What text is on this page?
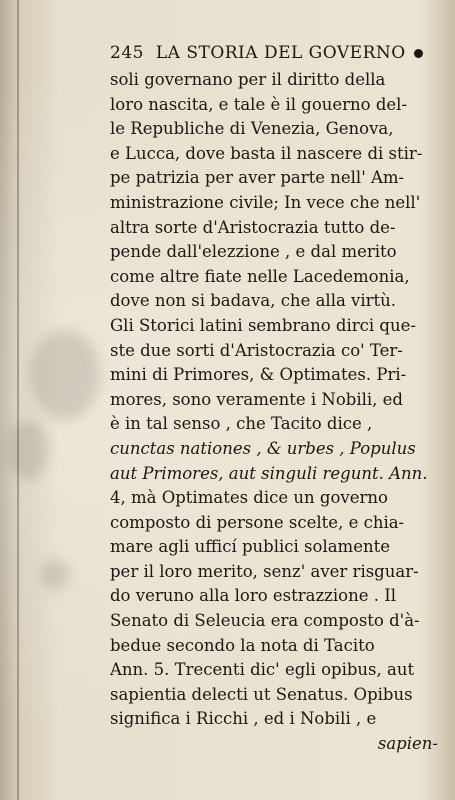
245 LA STORIA DEL GOVERNO
soli governano per il diritto della
loro nascita, e tale è il gouerno del-
le Republiche di Venezia, Genova,
e Lucca, dove basta il nascere di stir-
pe patrizia per aver parte nell' Am-
ministrazione civile; In vece che nell'
altra sorte d'Aristocrazia tutto de-
pende dall'elezzione , e dal merito
come altre fiate nelle Lacedemonia,
dove non si badava, che alla virtù.
Gli Storici latini sembrano dirci que-
ste due sorti d'Aristocrazia co' Ter-
mini di Primores, & Optimates. Pri-
mores, sono veramente i Nobili, ed
è in tal senso , che Tacito dice ,
cunctas nationes , & urbes , Populus
aut Primores, aut singuli regunt. Ann.
4, mà Optimates dice un governo
composto di persone scelte, e chia-
mare agli ufficí publici solamente
per il loro merito, senz' aver risguar-
do veruno alla loro estrazzione . Il
Senato di Seleucia era composto d'à-
bedue secondo la nota di Tacito
Ann. 5. Trecenti dic' egli opibus, aut
sapientia delecti ut Senatus. Opibus
significa i Ricchi , ed i Nobili , e
sapien-
